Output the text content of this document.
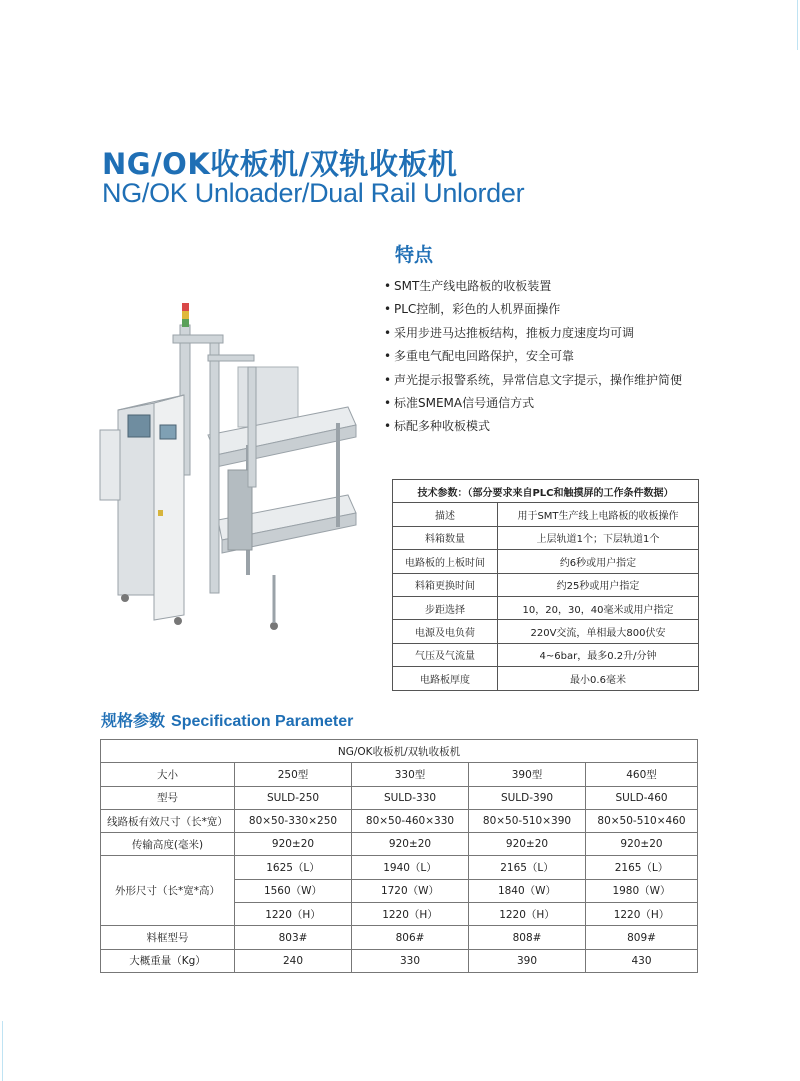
NG/OK收板机/双轨收板机
NG/OK Unloader/Dual Rail Unlorder
特点
• SMT生产线电路板的收板装置
• PLC控制，彩色的人机界面操作
• 采用步进马达推板结构，推板力度速度均可调
• 多重电气配电回路保护，安全可靠
• 声光提示报警系统，异常信息文字提示，操作维护简便
• 标准SMEMA信号通信方式
• 标配多种收板模式
技术参数：（部分要求来自PLC和触摸屏的工作条件数据）	
描述	用于SMT生产线上电路板的收板操作
料箱数量	上层轨道1个；下层轨道1个
电路板的上板时间	约6秒或用户指定
料箱更换时间	约25秒或用户指定
步距选择	10，20，30，40毫米或用户指定
电源及电负荷	220V交流，单相最大800伏安
气压及气流量	4~6bar，最多0.2升/分钟
电路板厚度	最小0.6毫米
规格参数 Specification Parameter
NG/OK收板机/双轨收板机				
大小	250型	330型	390型	460型
型号	SULD-250	SULD-330	SULD-390	SULD-460
线路板有效尺寸（长*宽）	80×50-330×250	80×50-460×330	80×50-510×390	80×50-510×460
传输高度(毫米)	920±20	920±20	920±20	920±20
外形尺寸（长*宽*高）	1625（L）	1940（L）	2165（L）	2165（L）
	1560（W）	1720（W）	1840（W）	1980（W）
	1220（H）	1220（H）	1220（H）	1220（H）
料框型号	803#	806#	808#	809#
大概重量（Kg）	240	330	390	430
